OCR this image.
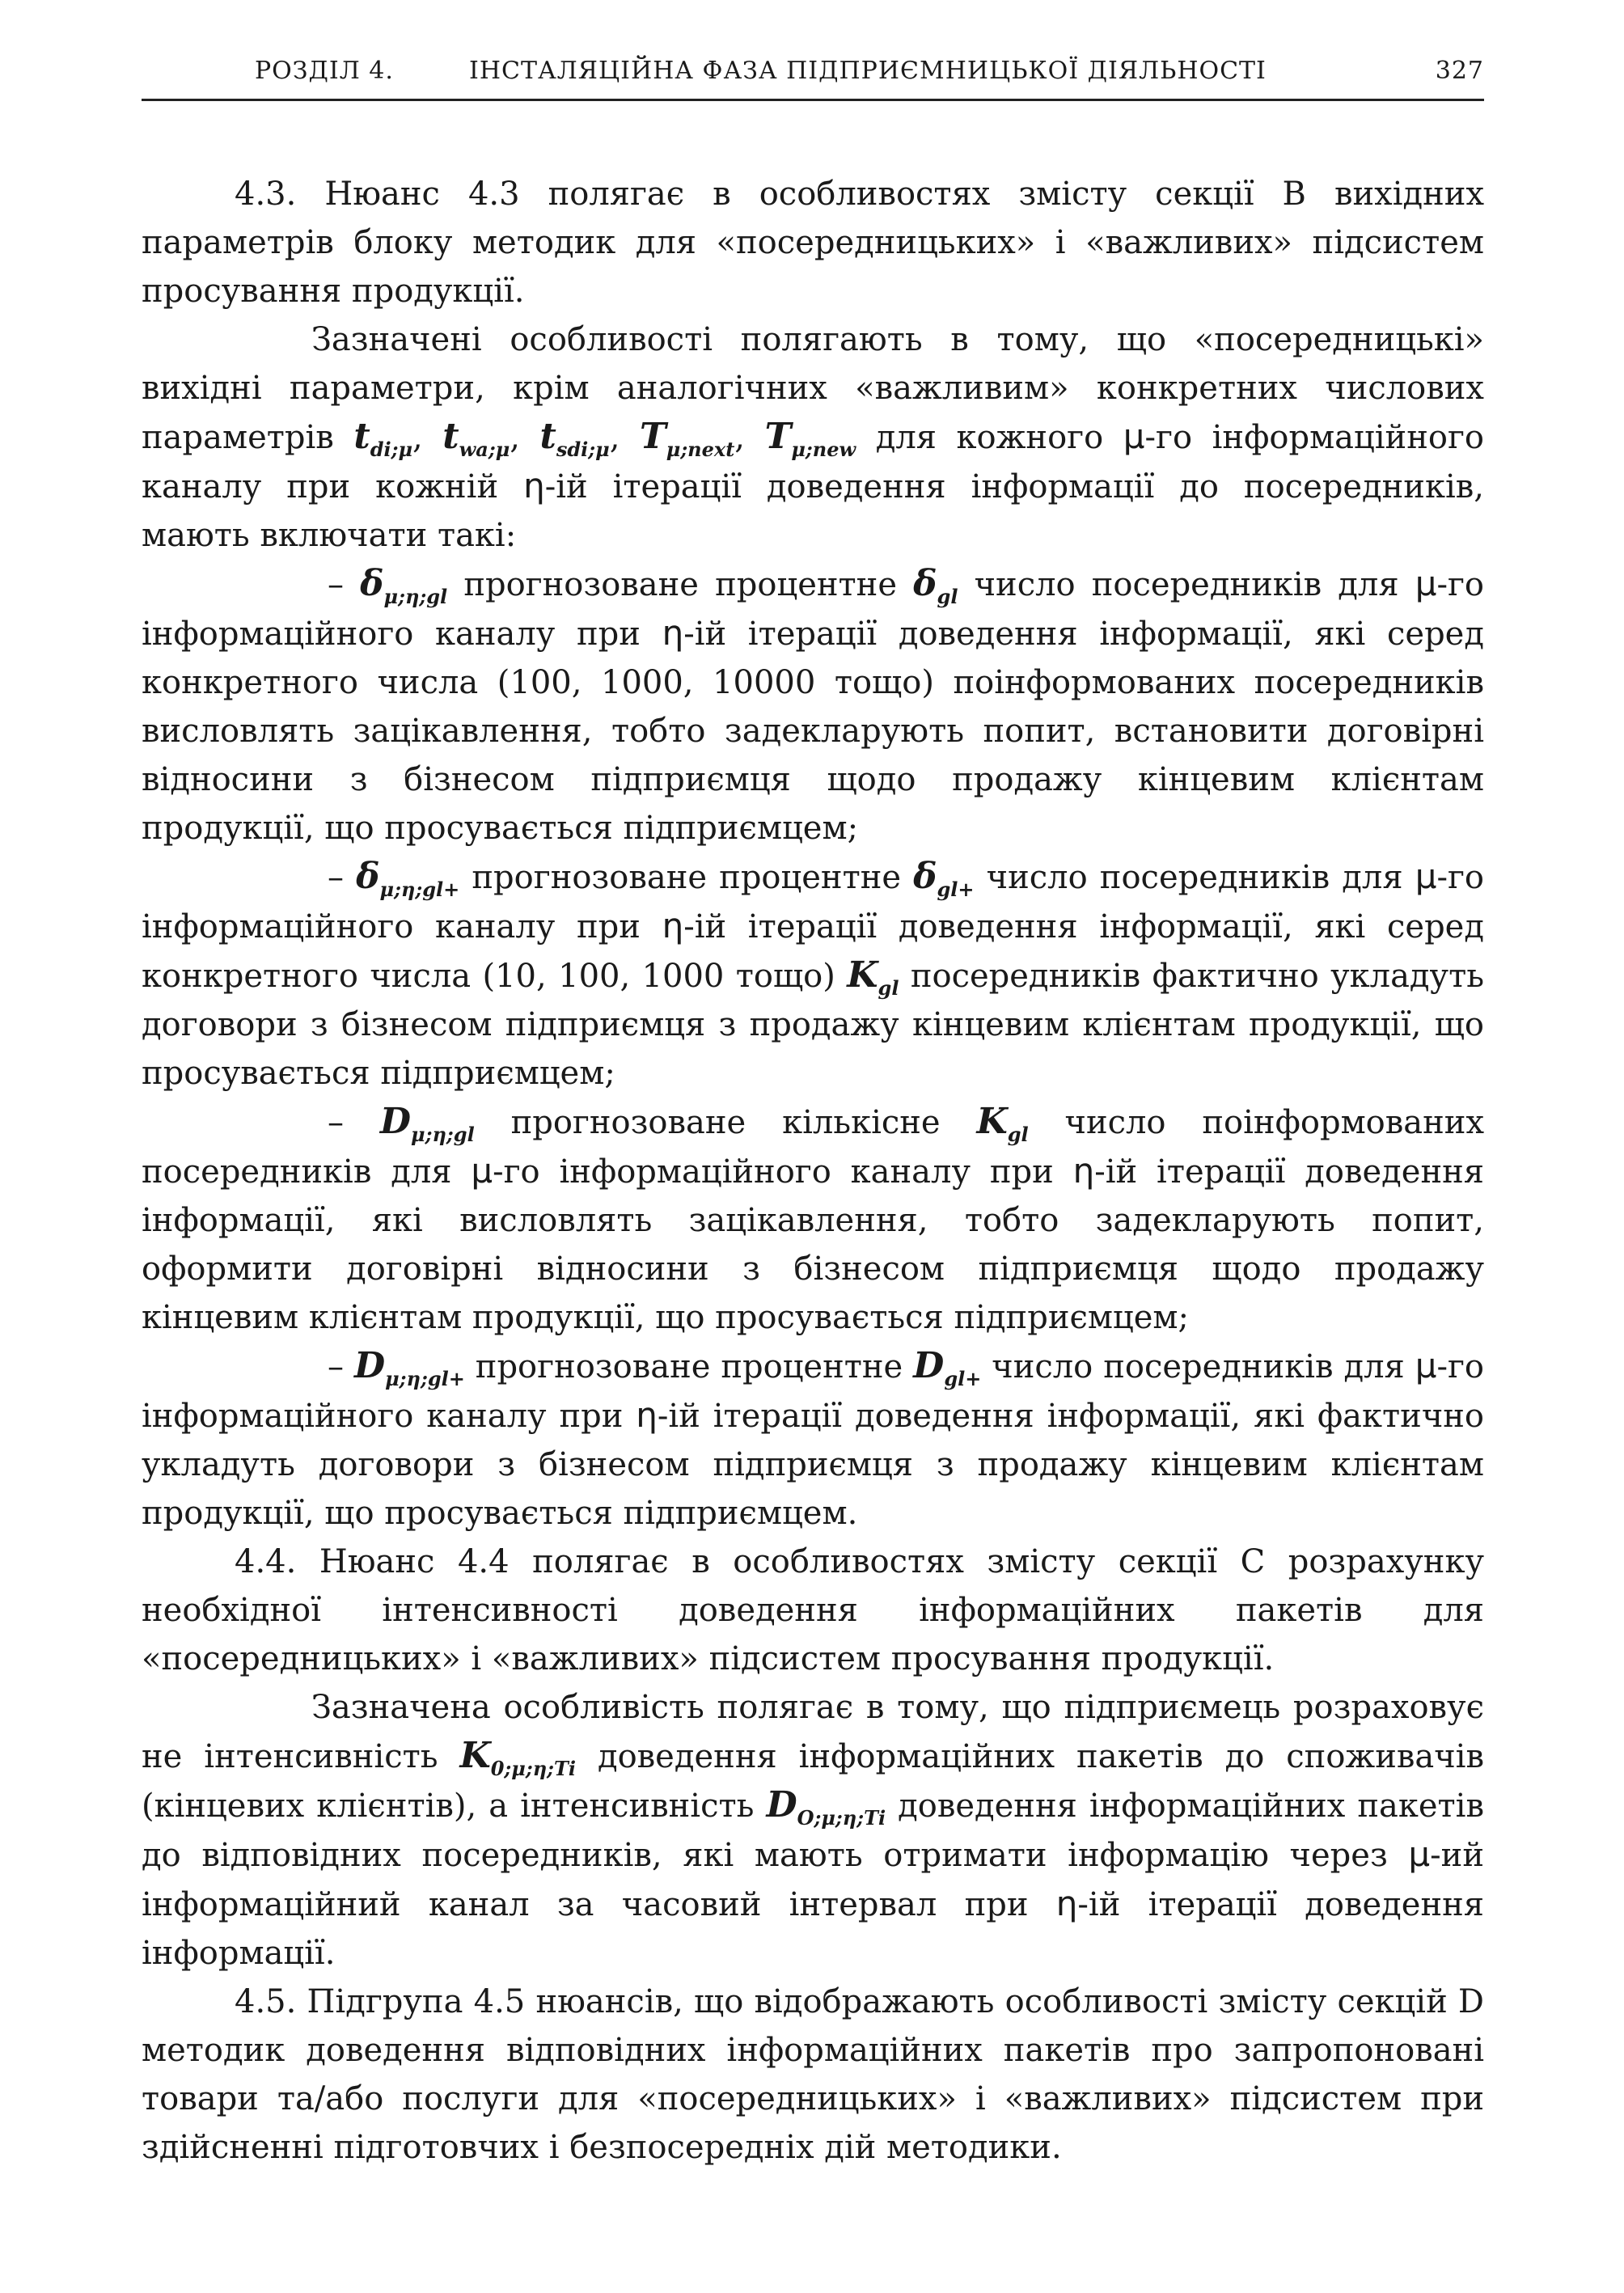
РОЗДІЛ 4.	ІНСТАЛЯЦІЙНА ФАЗА ПІДПРИЄМНИЦЬКОЇ ДІЯЛЬНОСТІ	327

4.3. Нюанс 4.3 полягає в особливостях змісту секції В вихідних параметрів блоку методик для «посередницьких» і «важливих» підсистем просування продукції.

Зазначені особливості полягають в тому, що «посередницькі» вихідні параметри, крім аналогічних «важливим» конкретних числових параметрів $t_{di;\mu}$, $t_{wa;\mu}$, $t_{sdi;\mu}$, $T_{\mu;next}$, $T_{\mu;new}$ для кожного μ-го інформаційного каналу при кожній η-ій ітерації доведення інформації до посередників, мають включати такі:

– $\delta_{\mu;\eta;gl}$ прогнозоване процентне $\delta_{gl}$ число посередників для μ-го інформаційного каналу при η-ій ітерації доведення інформації, які серед конкретного числа (100, 1000, 10000 тощо) поінформованих посередників висловлять зацікавлення, тобто задекларують попит, встановити договірні відносини з бізнесом підприємця щодо продажу кінцевим клієнтам продукції, що просувається підприємцем;

– $\delta_{\mu;\eta;gl+}$ прогнозоване процентне $\delta_{gl+}$ число посередників для μ-го інформаційного каналу при η-ій ітерації доведення інформації, які серед конкретного числа (10, 100, 1000 тощо) $K_{gl}$ посередників фактично укладуть договори з бізнесом підприємця з продажу кінцевим клієнтам продукції, що просувається підприємцем;

– $D_{\mu;\eta;gl}$ прогнозоване кількісне $K_{gl}$ число поінформованих посередників для μ-го інформаційного каналу при η-ій ітерації доведення інформації, які висловлять зацікавлення, тобто задекларують попит, оформити договірні відносини з бізнесом підприємця щодо продажу кінцевим клієнтам продукції, що просувається підприємцем;

– $D_{\mu;\eta;gl+}$ прогнозоване процентне $D_{gl+}$ число посередників для μ-го інформаційного каналу при η-ій ітерації доведення інформації, які фактично укладуть договори з бізнесом підприємця з продажу кінцевим клієнтам продукції, що просувається підприємцем.

4.4. Нюанс 4.4 полягає в особливостях змісту секції С розрахунку необхідної інтенсивності доведення інформаційних пакетів для «посередницьких» і «важливих» підсистем просування продукції.

Зазначена особливість полягає в тому, що підприємець розраховує не інтенсивність $K_{0;\mu;\eta;Ti}$ доведення інформаційних пакетів до споживачів (кінцевих клієнтів), а інтенсивність $D_{O;\mu;\eta;Ti}$ доведення інформаційних пакетів до відповідних посередників, які мають отримати інформацію через μ-ий інформаційний канал за часовий інтервал при η-ій ітерації доведення інформації.

4.5. Підгрупа 4.5 нюансів, що відображають особливості змісту секцій D методик доведення відповідних інформаційних пакетів про запропоновані товари та/або послуги для «посередницьких» і «важливих» підсистем при здійсненні підготовчих і безпосередніх дій методики.
